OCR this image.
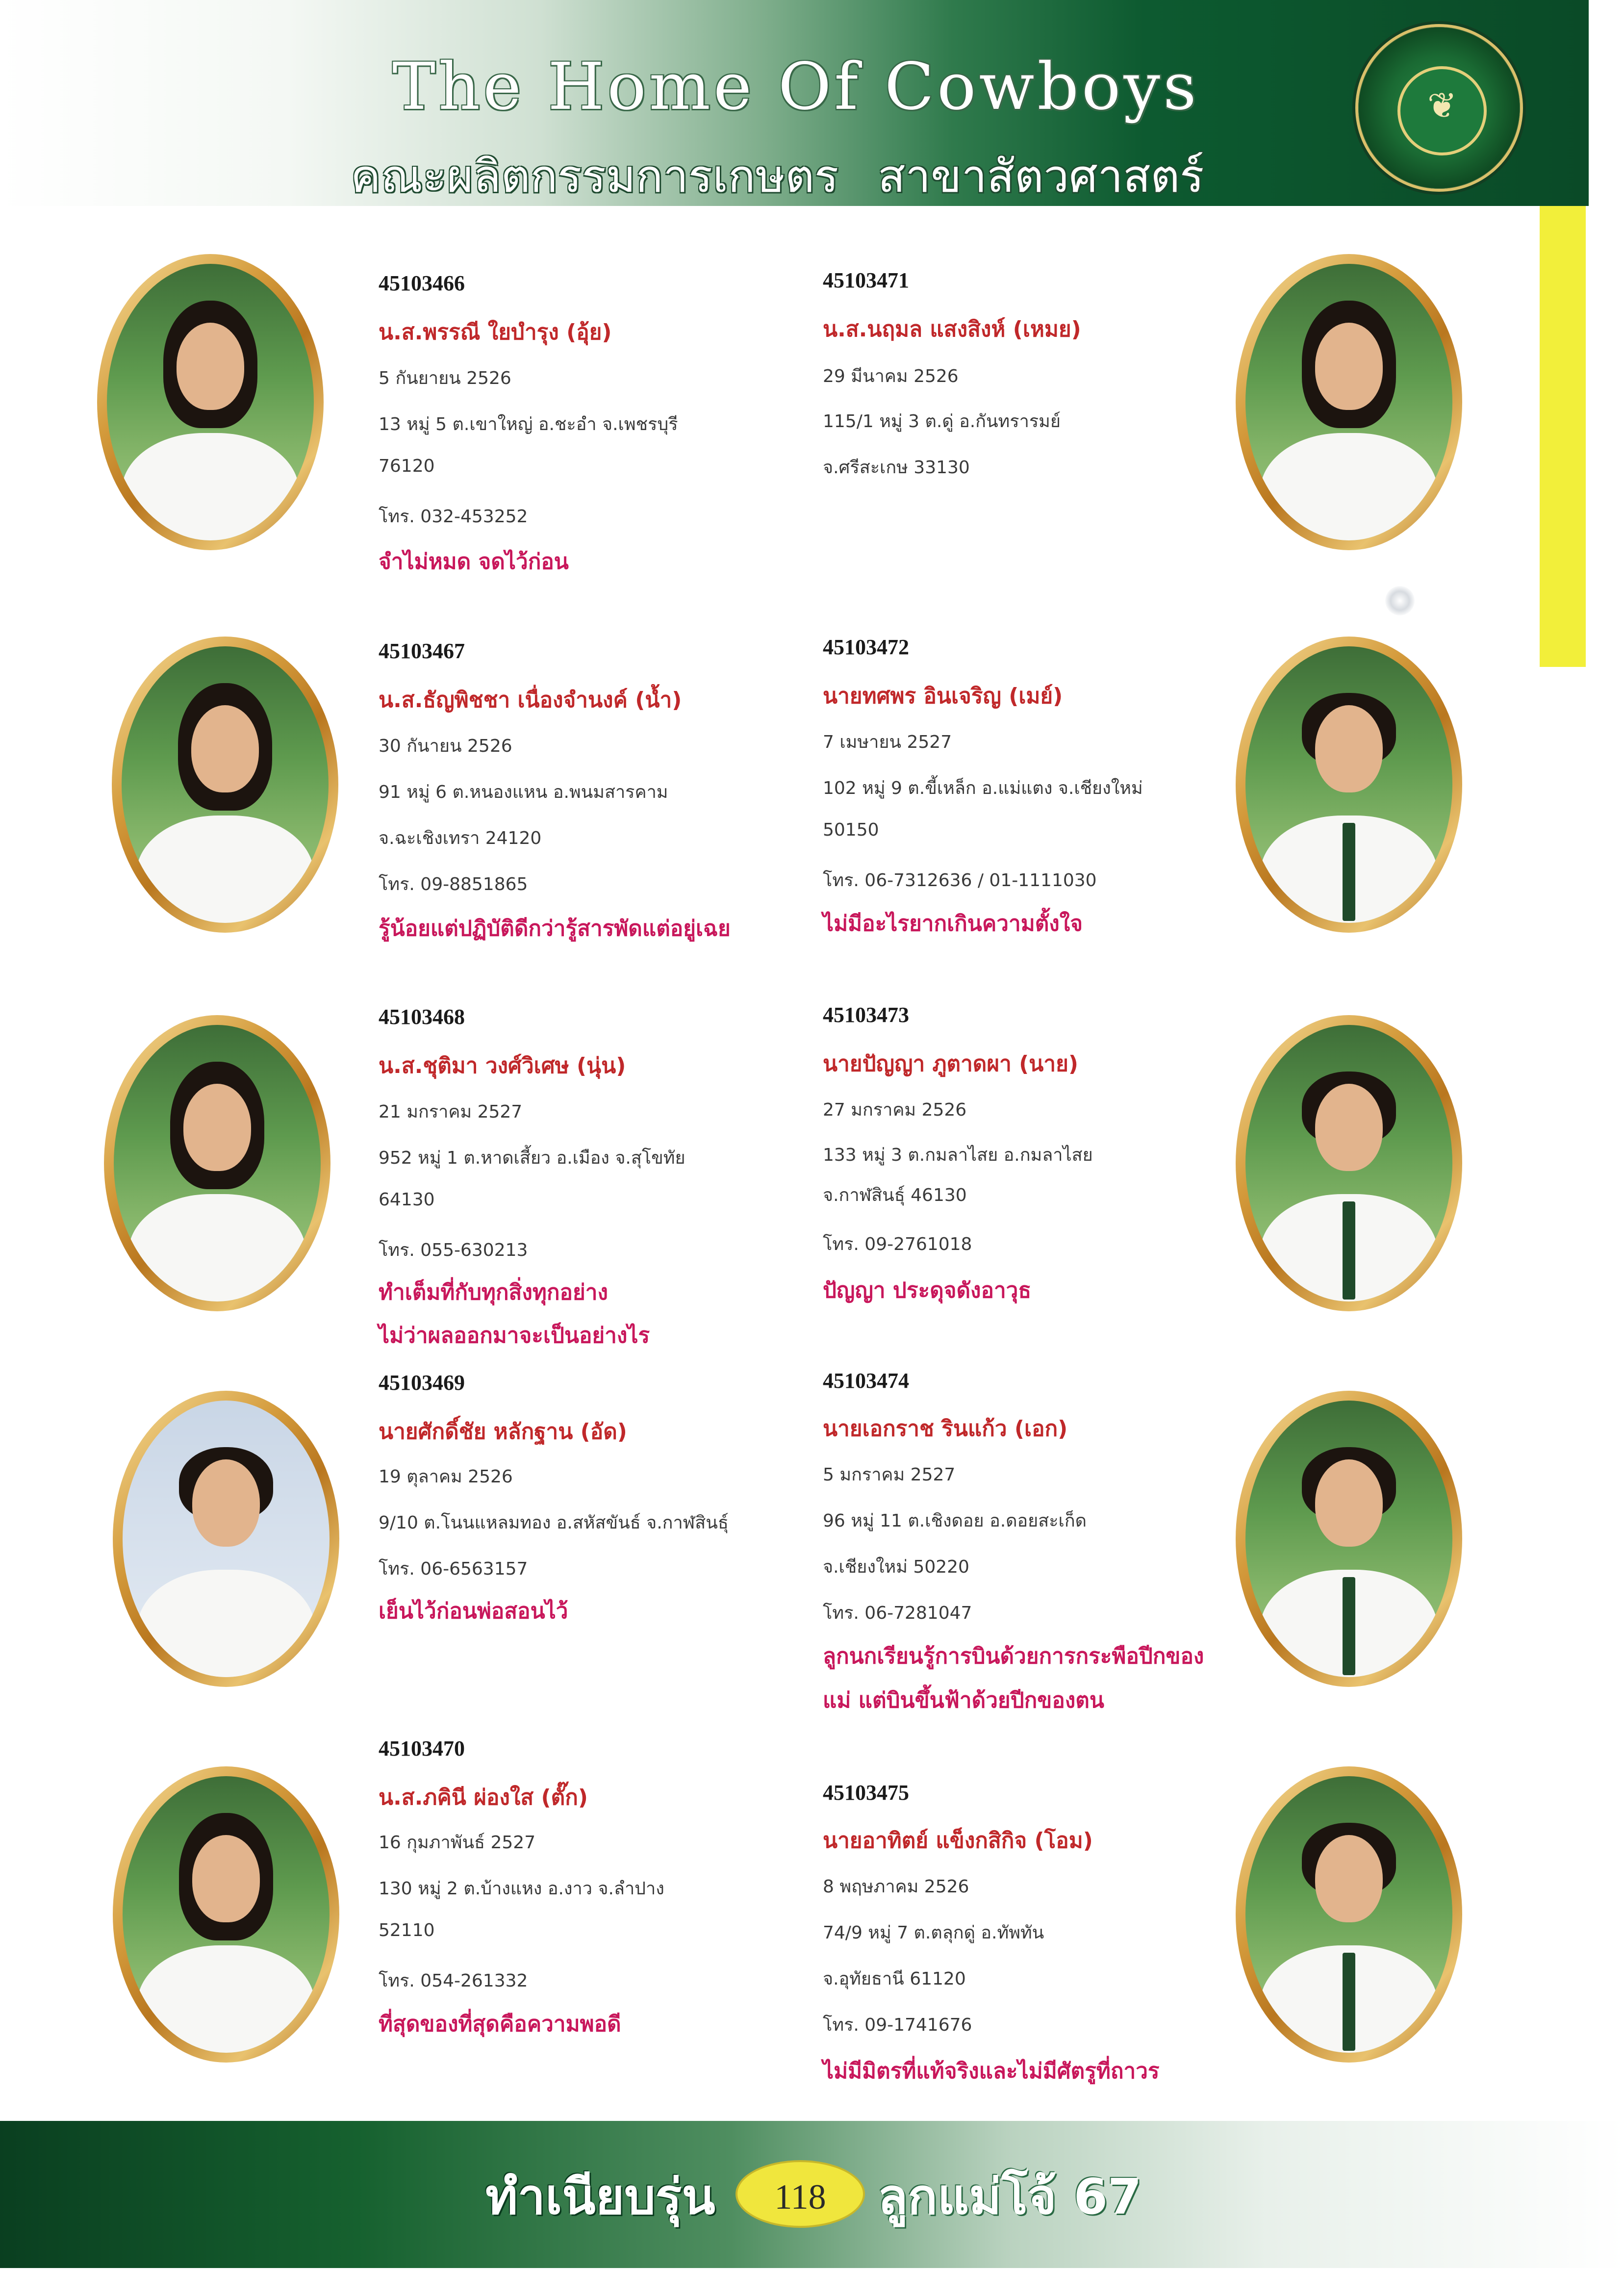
The Home Of Cowboys
คณะผลิตกรรมการเกษตร สาขาสัตวศาสตร์
❦
45103466
น.ส.พรรณี ใยบำรุง (อุ้ย)
5 กันยายน 2526
13 หมู่ 5 ต.เขาใหญ่ อ.ชะอำ จ.เพชรบุรี
76120
โทร. 032-453252
จำไม่หมด จดไว้ก่อน
45103467
น.ส.ธัญพิชชา เนื่องจำนงค์ (น้ำ)
30 กันายน 2526
91 หมู่ 6 ต.หนองแหน อ.พนมสารคาม
จ.ฉะเชิงเทรา 24120
โทร. 09-8851865
รู้น้อยแต่ปฏิบัติดีกว่ารู้สารพัดแต่อยู่เฉย
45103468
น.ส.ชุติมา วงศ์วิเศษ (นุ่น)
21 มกราคม 2527
952 หมู่ 1 ต.หาดเสี้ยว อ.เมือง จ.สุโขทัย
64130
โทร. 055-630213
ทำเต็มที่กับทุกสิ่งทุกอย่าง
ไม่ว่าผลออกมาจะเป็นอย่างไร
45103469
นายศักดิ์ชัย หลักฐาน (อัด)
19 ตุลาคม 2526
9/10 ต.โนนแหลมทอง อ.สหัสขันธ์ จ.กาฬสินธุ์
โทร. 06-6563157
เย็นไว้ก่อนพ่อสอนไว้
45103470
น.ส.ภคินี ผ่องใส (ตั๊ก)
16 กุมภาพันธ์ 2527
130 หมู่ 2 ต.บ้างแหง อ.งาว จ.ลำปาง
52110
โทร. 054-261332
ที่สุดของที่สุดคือความพอดี
45103471
น.ส.นฤมล แสงสิงห์ (เหมย)
29 มีนาคม 2526
115/1 หมู่ 3 ต.ดู่ อ.กันทรารมย์
จ.ศรีสะเกษ 33130
45103472
นายทศพร อินเจริญ (เมย์)
7 เมษายน 2527
102 หมู่ 9 ต.ขี้เหล็ก อ.แม่แตง จ.เชียงใหม่
50150
โทร. 06-7312636 / 01-1111030
ไม่มีอะไรยากเกินความตั้งใจ
45103473
นายปัญญา ภูตาดผา (นาย)
27 มกราคม 2526
133 หมู่ 3 ต.กมลาไสย อ.กมลาไสย
จ.กาฬสินธุ์ 46130
โทร. 09-2761018
ปัญญา ประดุจดังอาวุธ
45103474
นายเอกราช รินแก้ว (เอก)
5 มกราคม 2527
96 หมู่ 11 ต.เชิงดอย อ.ดอยสะเก็ด
จ.เชียงใหม่ 50220
โทร. 06-7281047
ลูกนกเรียนรู้การบินด้วยการกระพือปีกของ
แม่ แต่บินขึ้นฟ้าด้วยปีกของตน
45103475
นายอาทิตย์ แข็งกสิกิจ (โอม)
8 พฤษภาคม 2526
74/9 หมู่ 7 ต.ตลุกดู่ อ.ทัพทัน
จ.อุทัยธานี 61120
โทร. 09-1741676
ไม่มีมิตรที่แท้จริงและไม่มีศัตรูที่ถาวร
ทำเนียบรุ่น	118	ลูกแม่โจ้ 67
